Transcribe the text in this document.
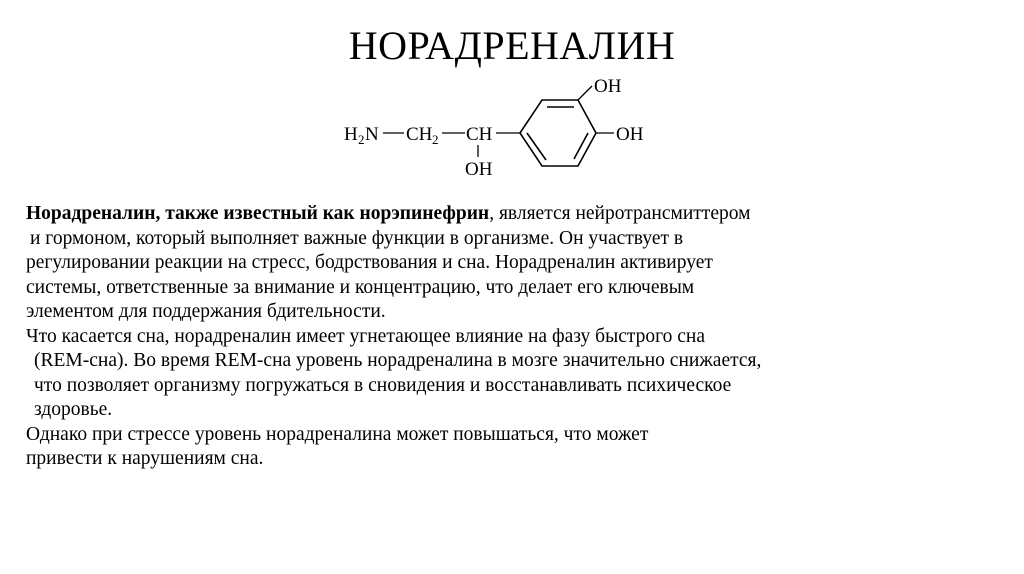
НОРАДРЕНАЛИН
H 2 N CH 2 CH
OH
OH
OH
Норадреналин, также известный как норэпинефрин, является нейротрансмиттером
и гормоном, который выполняет важные функции в организме. Он участвует в
регулировании реакции на стресс, бодрствования и сна. Норадреналин активирует
системы, ответственные за внимание и концентрацию, что делает его ключевым
элементом для поддержания бдительности.
Что касается сна, норадреналин имеет угнетающее влияние на фазу быстрого сна
(REM-сна). Во время REM-сна уровень норадреналина в мозге значительно снижается,
что позволяет организму погружаться в сновидения и восстанавливать психическое
здоровье.
Однако при стрессе уровень норадреналина может повышаться, что может
привести к нарушениям сна.
